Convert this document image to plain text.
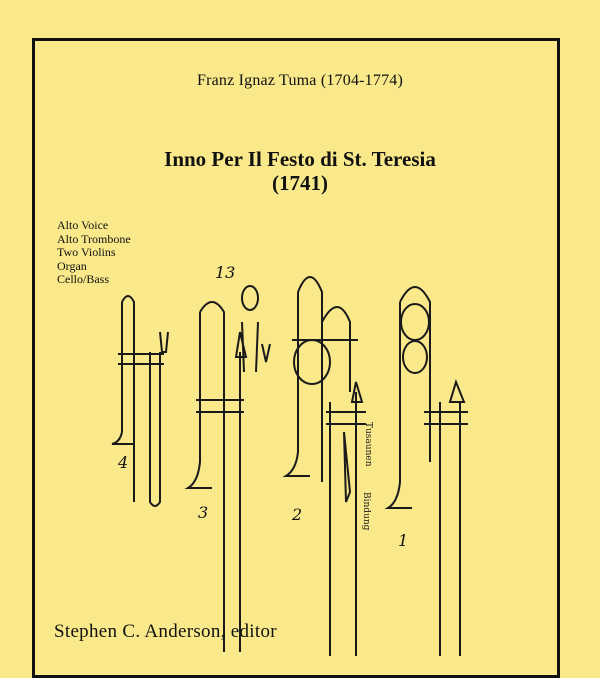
Franz Ignaz Tuma (1704-1774)
Inno Per Il Festo di St. Teresia
(1741)
Alto Voice
Alto Trombone
Two Violins
Organ
Cello/Bass	13
4
3	2
1
Tusaunen
Bindung
Stephen C. Anderson, editor
